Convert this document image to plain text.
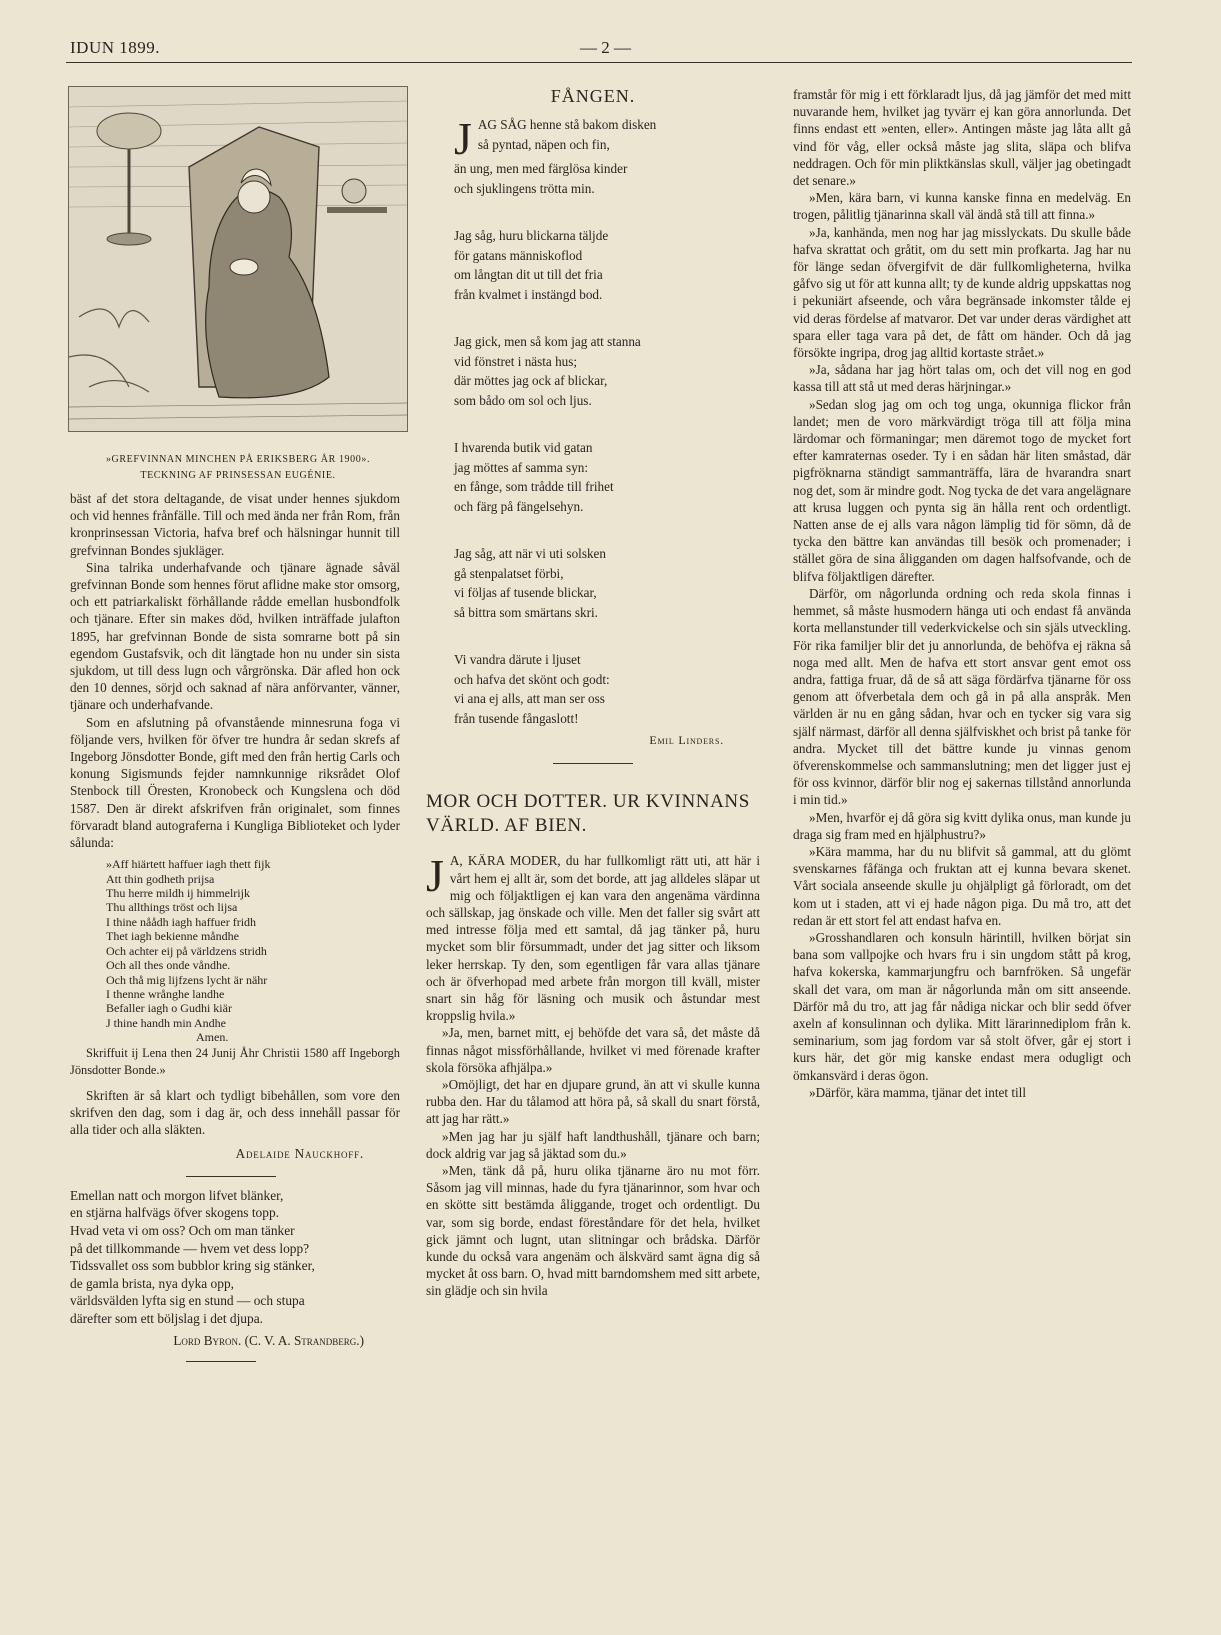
IDUN 1899.	— 2 —
»GREFVINNAN MINCHEN PÅ ERIKSBERG ÅR 1900».
TECKNING AF PRINSESSAN EUGÉNIE.

bäst af det stora deltagande, de visat under hennes sjukdom och vid hennes frånfälle. Till och med ända ner från Rom, från kronprinsessan Victoria, hafva bref och hälsningar hunnit till grefvinnan Bondes sjukläger.

Sina talrika underhafvande och tjänare ägnade såväl grefvinnan Bonde som hennes förut aflidne make stor omsorg, och ett patriarkaliskt förhållande rådde emellan husbondfolk och tjänare. Efter sin makes död, hvilken inträffade julafton 1895, har grefvinnan Bonde de sista somrarne bott på sin egendom Gustafsvik, och dit längtade hon nu under sin sista sjukdom, ut till dess lugn och vårgrönska. Där afled hon ock den 10 dennes, sörjd och saknad af nära anförvanter, vänner, tjänare och underhafvande.

Som en afslutning på ofvanstående minnesruna foga vi följande vers, hvilken för öfver tre hundra år sedan skrefs af Ingeborg Jönsdotter Bonde, gift med den från hertig Carls och konung Sigismunds fejder namnkunnige riksrådet Olof Stenbock till Öresten, Kronobeck och Kungslena och död 1587. Den är direkt afskrifven från originalet, som finnes förvaradt bland autograferna i Kungliga Biblioteket och lyder sålunda:

»Aff hiärtett haffuer iagh thett fijk
Att thin godheth prijsa
Thu herre mildh ij himmelrijk
Thu allthings tröst och lijsa
I thine nåådh iagh haffuer fridh
Thet iagh bekienne måndhe
Och achter eij på världzens stridh
Och all thes onde våndhe.
Och thå mig lijfzens lycht är nähr
I thenne wrånghe landhe
Befaller iagh o Gudhi kiär
J thine handh min Andhe
Amen.

Skriffuit ij Lena then 24 Junij Åhr Christii 1580 aff Ingeborgh Jönsdotter Bonde.»

Skriften är så klart och tydligt bibehållen, som vore den skrifven den dag, som i dag är, och dess innehåll passar för alla tider och alla släkten.

Adelaide Nauckhoff.

Emellan natt och morgon lifvet blänker,
en stjärna halfvägs öfver skogens topp.
Hvad veta vi om oss? Och om man tänker
på det tillkommande — hvem vet dess lopp?
Tidssvallet oss som bubblor kring sig stänker,
de gamla brista, nya dyka opp,
världsvälden lyfta sig en stund — och stupa
därefter som ett böljslag i det djupa.

Lord Byron. (C. V. A. Strandberg.)

FÅNGEN.
JAG SÅG henne stå bakom disken
så pyntad, näpen och fin,
än ung, men med färglösa kinder
och sjuklingens trötta min.
Jag såg, huru blickarna täljde
för gatans människoflod
om långtan dit ut till det fria
från kvalmet i instängd bod.
Jag gick, men så kom jag att stanna
vid fönstret i nästa hus;
där möttes jag ock af blickar,
som bådo om sol och ljus.
I hvarenda butik vid gatan
jag möttes af samma syn:
en fånge, som trådde till frihet
och färg på fängelsehyn.
Jag såg, att när vi uti solsken
gå stenpalatset förbi,
vi följas af tusende blickar,
så bittra som smärtans skri.
Vi vandra därute i ljuset
och hafva det skönt och godt:
vi ana ej alls, att man ser oss
från tusende fångaslott!

Emil Linders.

MOR OCH DOTTER. UR KVINNANS VÄRLD. AF BIEN.

J A, KÄRA MODER, du har fullkomligt rätt uti, att här i vårt hem ej allt är, som det borde, att jag alldeles släpar ut mig och följaktligen ej kan vara den angenäma värdinna och sällskap, jag önskade och ville. Men det faller sig svårt att med intresse följa med ett samtal, då jag tänker på, huru mycket som blir försummadt, under det jag sitter och liksom leker herrskap. Ty den, som egentligen får vara allas tjänare och är öfverhopad med arbete från morgon till kväll, mister snart sin håg för läsning och musik och åstundar mest kroppslig hvila.»

»Ja, men, barnet mitt, ej behöfde det vara så, det måste då finnas något missförhållande, hvilket vi med förenade krafter skola försöka afhjälpa.»

»Omöjligt, det har en djupare grund, än att vi skulle kunna rubba den. Har du tålamod att höra på, så skall du snart förstå, att jag har rätt.»

»Men jag har ju själf haft landthushåll, tjänare och barn; dock aldrig var jag så jäktad som du.»

»Men, tänk då på, huru olika tjänarne äro nu mot förr. Såsom jag vill minnas, hade du fyra tjänarinnor, som hvar och en skötte sitt bestämda åliggande, troget och ordentligt. Du var, som sig borde, endast föreståndare för det hela, hvilket gick jämnt och lugnt, utan slitningar och brådska. Därför kunde du också vara angenäm och älskvärd samt ägna dig så mycket åt oss barn. O, hvad mitt barndomshem med sitt arbete, sin glädje och sin hvila

framstår för mig i ett förklaradt ljus, då jag jämför det med mitt nuvarande hem, hvilket jag tyvärr ej kan göra annorlunda. Det finns endast ett »enten, eller». Antingen måste jag låta allt gå vind för våg, eller också måste jag slita, släpa och blifva neddragen. Och för min pliktkänslas skull, väljer jag obetingadt det senare.»

»Men, kära barn, vi kunna kanske finna en medelväg. En trogen, pålitlig tjänarinna skall väl ändå stå till att finna.»

»Ja, kanhända, men nog har jag misslyckats. Du skulle både hafva skrattat och gråtit, om du sett min profkarta. Jag har nu för länge sedan öfvergifvit de där fullkomligheterna, hvilka gåfvo sig ut för att kunna allt; ty de kunde aldrig uppskattas nog i pekuniärt afseende, och våra begränsade inkomster tålde ej vid deras fördelse af matvaror. Det var under deras värdighet att spara eller taga vara på det, de fått om händer. Och då jag försökte ingripa, drog jag alltid kortaste strået.»

»Ja, sådana har jag hört talas om, och det vill nog en god kassa till att stå ut med deras härjningar.»

»Sedan slog jag om och tog unga, okunniga flickor från landet; men de voro märkvärdigt tröga till att följa mina lärdomar och förmaningar; men däremot togo de mycket fort efter kamraternas oseder. Ty i en sådan här liten småstad, där pigfröknarna ständigt sammanträffa, lära de hvarandra snart nog det, som är mindre godt. Nog tycka de det vara angelägnare att krusa luggen och pynta sig än hålla rent och ordentligt. Natten anse de ej alls vara någon lämplig tid för sömn, då de tycka den bättre kan användas till besök och promenader; i stället göra de sina åligganden om dagen halfsofvande, och de blifva följaktligen därefter.

Därför, om någorlunda ordning och reda skola finnas i hemmet, så måste husmodern hänga uti och endast få använda korta mellanstunder till vederkvickelse och sin själs utveckling. För rika familjer blir det ju annorlunda, de behöfva ej räkna så noga med allt. Men de hafva ett stort ansvar gent emot oss andra, fattiga fruar, då de så att säga fördärfva tjänarne för oss genom att öfverbetala dem och gå in på alla anspråk. Men världen är nu en gång sådan, hvar och en tycker sig vara sig själf närmast, därför all denna själfviskhet och brist på tanke för andra. Mycket till det bättre kunde ju vinnas genom öfverenskommelse och sammanslutning; men det ligger just ej för oss kvinnor, därför blir nog ej sakernas tillstånd annorlunda i min tid.»

»Men, hvarför ej då göra sig kvitt dylika onus, man kunde ju draga sig fram med en hjälphustru?»

»Kära mamma, har du nu blifvit så gammal, att du glömt svenskarnes fåfänga och fruktan att ej kunna bevara skenet. Vårt sociala anseende skulle ju ohjälpligt gå förloradt, om det kom ut i staden, att vi ej hade någon piga. Du må tro, att det redan är ett stort fel att endast hafva en.

»Grosshandlaren och konsuln härintill, hvilken börjat sin bana som vallpojke och hvars fru i sin ungdom stått på krog, hafva kokerska, kammarjungfru och barnfröken. Så ungefär skall det vara, om man är någorlunda mån om sitt anseende. Därför må du tro, att jag får nådiga nickar och blir sedd öfver axeln af konsulinnan och dylika. Mitt lärarinnediplom från k. seminarium, som jag fordom var så stolt öfver, går ej stort i kurs här, det gör mig kanske endast mera odugligt och ömkansvärd i deras ögon.

»Därför, kära mamma, tjänar det intet till
